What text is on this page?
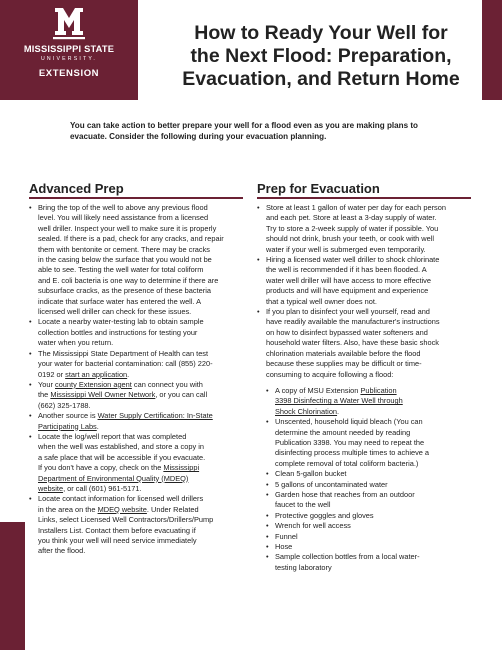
MISSISSIPPI STATE
UNIVERSITY.
EXTENSION
How to Ready Your Well for
the Next Flood: Preparation,
Evacuation, and Return Home
You can take action to better prepare your well for a flood even as you are making plans to
evacuate. Consider the following during your evacuation planning.
Advanced Prep
• Bring the top of the well to above any previous flood
level. You will likely need assistance from a licensed
well driller. Inspect your well to make sure it is properly
sealed. If there is a pad, check for any cracks, and repair
them with bentonite or cement. There may be cracks
in the casing below the surface that you would not be
able to see. Testing the well water for total coliform
and E. coli bacteria is one way to determine if there are
subsurface cracks, as the presence of these bacteria
indicate that surface water has entered the well. A
licensed well driller can check for these issues.
• Locate a nearby water-testing lab to obtain sample
collection bottles and instructions for testing your
water when you return.
• The Mississippi State Department of Health can test
your water for bacterial contamination: call (855) 220-
0192 or start an application.
• Your county Extension agent can connect you with
the Mississippi Well Owner Network, or you can call
(662) 325-1788.
• Another source is Water Supply Certification: In-State
Participating Labs.
• Locate the log/well report that was completed
when the well was established, and store a copy in
a safe place that will be accessible if you evacuate.
If you don't have a copy, check on the Mississippi
Department of Environmental Quality (MDEQ)
website, or call (601) 961-5171.
• Locate contact information for licensed well drillers
in the area on the MDEQ website. Under Related
Links, select Licensed Well Contractors/Drillers/Pump
Installers List. Contact them before evacuating if
you think your well will need service immediately
after the flood.
Prep for Evacuation
• Store at least 1 gallon of water per day for each person
and each pet. Store at least a 3-day supply of water.
Try to store a 2-week supply of water if possible. You
should not drink, brush your teeth, or cook with well
water if your well is submerged even temporarily.
• Hiring a licensed water well driller to shock chlorinate
the well is recommended if it has been flooded. A
water well driller will have access to more effective
products and will have equipment and experience
that a typical well owner does not.
• If you plan to disinfect your well yourself, read and
have readily available the manufacturer's instructions
on how to disinfect bypassed water softeners and
household water filters. Also, have these basic shock
chlorination materials available before the flood
because these supplies may be difficult or time-
consuming to acquire following a flood:
• A copy of MSU Extension Publication
3398 Disinfecting a Water Well through
Shock Chlorination.
• Unscented, household liquid bleach (You can
determine the amount needed by reading
Publication 3398. You may need to repeat the
disinfecting process multiple times to achieve a
complete removal of total coliform bacteria.)
• Clean 5-gallon bucket
• 5 gallons of uncontaminated water
• Garden hose that reaches from an outdoor
faucet to the well
• Protective goggles and gloves
• Wrench for well access
• Funnel
• Hose
• Sample collection bottles from a local water-
testing laboratory
